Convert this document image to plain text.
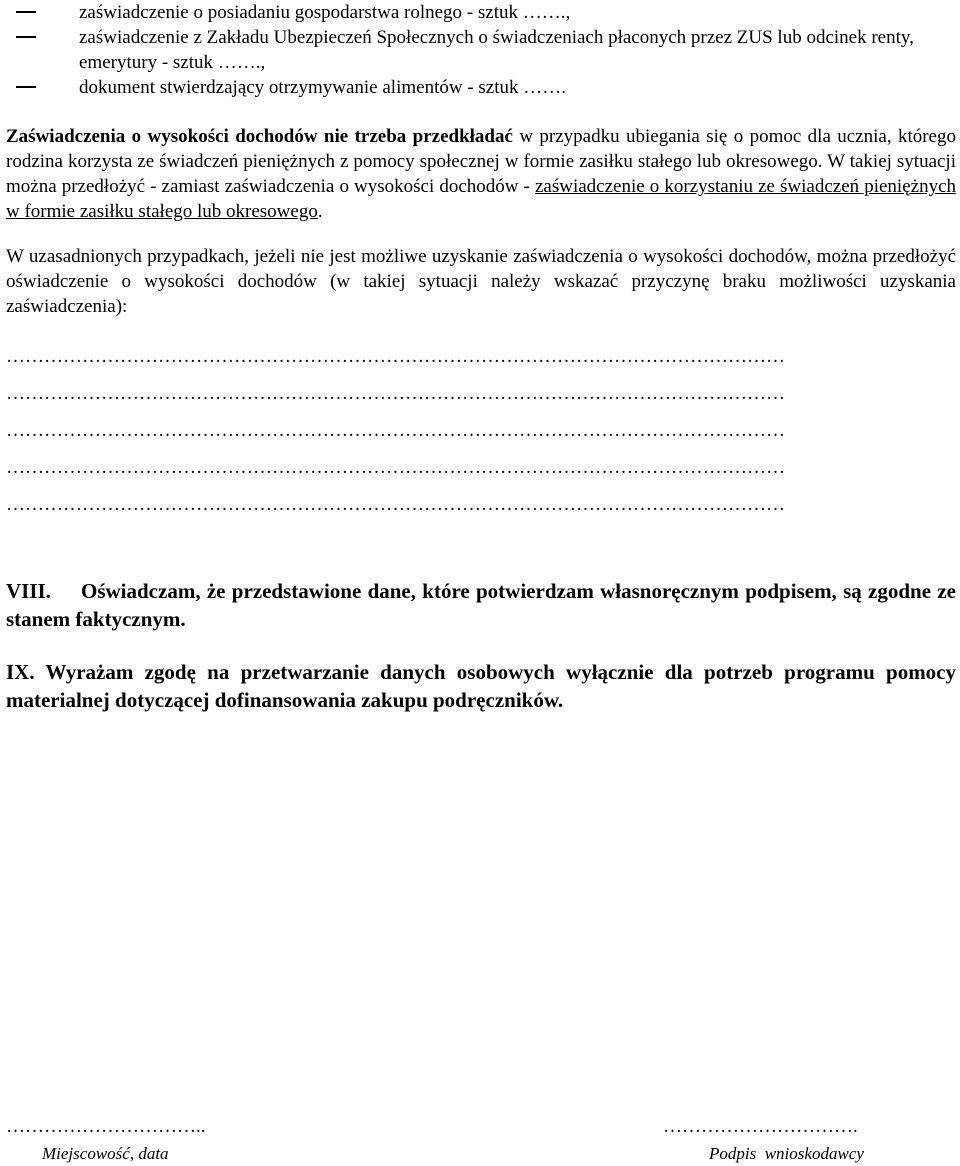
zaświadczenie o posiadaniu gospodarstwa rolnego - sztuk …….,
zaświadczenie z Zakładu Ubezpieczeń Społecznych o świadczeniach płaconych przez ZUS lub odcinek renty, emerytury - sztuk …….,
dokument stwierdzający otrzymywanie alimentów - sztuk …….
Zaświadczenia o wysokości dochodów nie trzeba przedkładać w przypadku ubiegania się o pomoc dla ucznia, którego rodzina korzysta ze świadczeń pieniężnych z pomocy społecznej w formie zasiłku stałego lub okresowego. W takiej sytuacji można przedłożyć - zamiast zaświadczenia o wysokości dochodów - zaświadczenie o korzystaniu ze świadczeń pieniężnych w formie zasiłku stałego lub okresowego.
W uzasadnionych przypadkach, jeżeli nie jest możliwe uzyskanie zaświadczenia o wysokości dochodów, można przedłożyć oświadczenie o wysokości dochodów (w takiej sytuacji należy wskazać przyczynę braku możliwości uzyskania zaświadczenia):
……………………………………………………………………………………………………………
……………………………………………………………………………………………………………
……………………………………………………………………………………………………………
……………………………………………………………………………………………………………
……………………………………………………………………………………………………………
VIII. Oświadczam, że przedstawione dane, które potwierdzam własnoręcznym podpisem, są zgodne ze stanem faktycznym.
IX. Wyrażam zgodę na przetwarzanie danych osobowych wyłącznie dla potrzeb programu pomocy materialnej dotyczącej dofinansowania zakupu podręczników.
…………………………..
Miejscowość, data
………………………….
Podpis  wnioskodawcy
